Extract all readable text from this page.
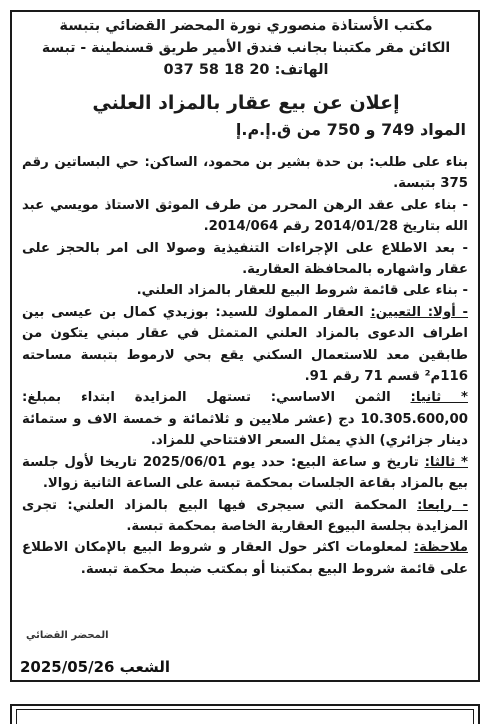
مكتب الأستاذة منصوري نورة المحضر القضائي بتبسة
الكائن مقر مكتبنا بجانب فندق الأمير طريق قسنطينة - تبسة
الهاتف: 20 18 58 037
إعلان عن بيع عقار بالمزاد العلني
المواد 749 و 750 من ق.إ.م.إ

بناء على طلب: بن حدة بشير بن محمود، الساكن: حي البساتين رقم 375 بتبسة.

- بناء على عقد الرهن المحرر من طرف الموثق الاستاذ مويسي عبد الله بتاريخ 2014/01/28 رقم 2014/064.

- بعد الاطلاع على الإجراءات التنفيذية وصولا الى امر بالحجز على عقار واشهاره بالمحافظة العقارية.

- بناء على قائمة شروط البيع للعقار بالمزاد العلني.

- أولا: التعيين: العقار المملوك للسيد: بوزيدي كمال بن عيسى بين اطراف الدعوى بالمزاد العلني المتمثل في عقار مبني يتكون من طابقين معد للاستعمال السكني يقع بحي لارموط بتبسة مساحته 116م² قسم 71 رقم 91.

* ثانيا: الثمن الاساسي: تستهل المزايدة ابتداء بمبلغ: 10.305.600,00 دج (عشر ملايين و ثلاثمائة و خمسة الاف و ستمائة دينار جزائري) الذي يمثل السعر الافتتاحي للمزاد.

* ثالثا: تاريخ و ساعة البيع: حدد يوم 2025/06/01 تاريخا لأول جلسة بيع بالمزاد بقاعة الجلسات بمحكمة تبسة على الساعة الثانية زوالا.

- رابعا: المحكمة التي سيجرى فيها البيع بالمزاد العلني: تجرى المزايدة بجلسة البيوع العقارية الخاصة بمحكمة تبسة.

ملاحظة: لمعلومات اكثر حول العقار و شروط البيع بالإمكان الاطلاع على قائمة شروط البيع بمكتبنا أو بمكتب ضبط محكمة تبسة.

المحضر القضائي
الشعب 2025/05/26
